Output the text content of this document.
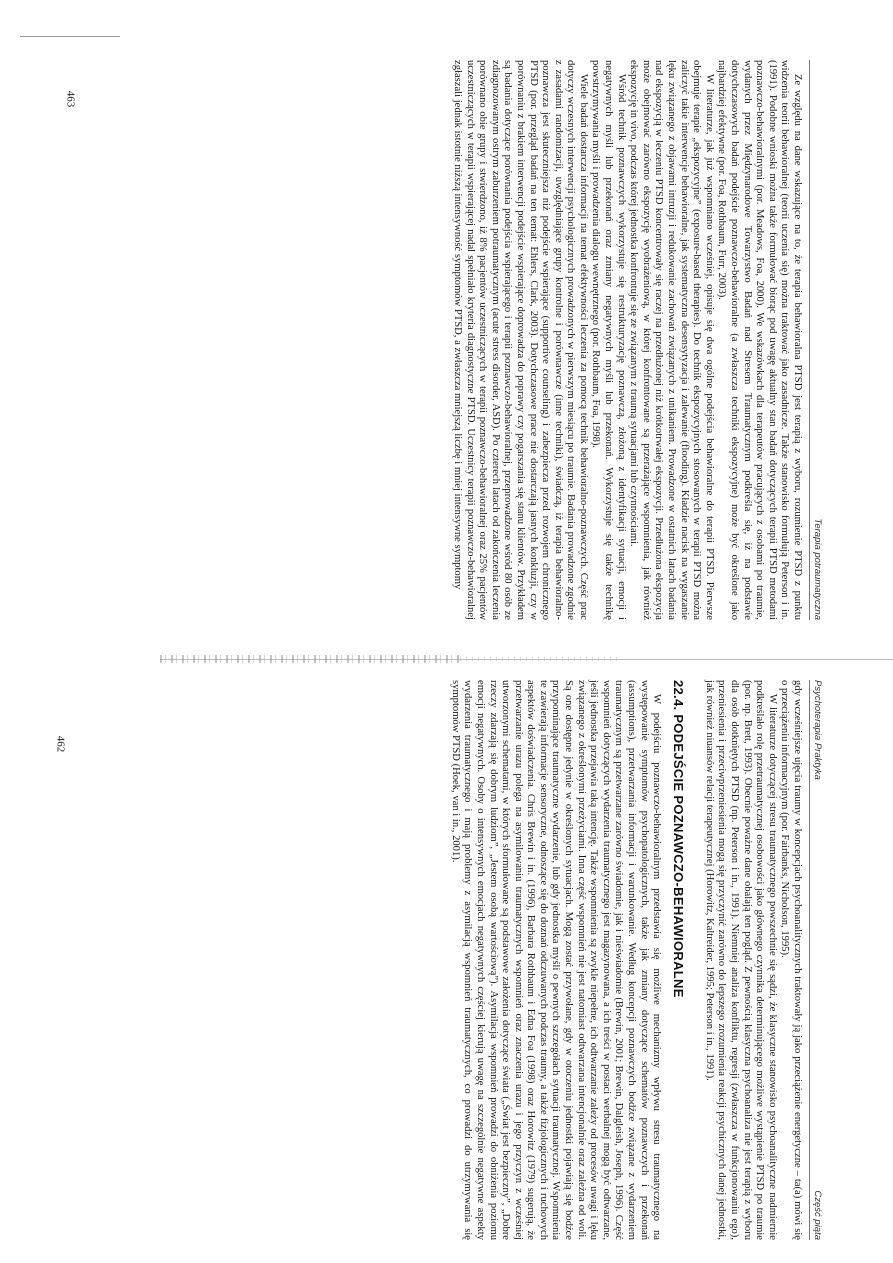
Terapia potraumatyczna

Ze względu na dane wskazujące na to, że terapia behawioralna PTSD jest terapią z wyboru, rozumienie PTSD z punktu widzenia teorii behawioralnej (teorii uczenia się) można traktować jako zasadnicze. Także stanowisko formułują Peterson i in. (1991). Podobne wnioski można także formułować biorąc pod uwagę aktualny stan badań dotyczących terapii PTSD metodami poznawczo-behawioralnymi (por. Meadows, Foa, 2000). We wskazówkach dla terapeutów pracujących z osobami po traumie, wydanych przez Międzynarodowe Towarzystwo Badań nad Stresem Traumatycznym podkreśla się, iż na podstawie dotychczasowych badań podejście poznawczo-behawioralne (a zwłaszcza techniki ekspozycyjne) może być określone jako najbardziej efektywne (por. Foa, Rothbaum, Furr, 2003).

W literaturze, jak już wspomniano wcześniej, opisuje się dwa ogólne podejścia behawioralne do terapii PTSD. Pierwsze obejmuje terapie „ekspozycyjne” (exposure-based therapies). Do technik ekspozycyjnych stosowanych w terapii PTSD można zaliczyć takie interwencje behawioralne, jak systematyczna desensytyzacja i zalewanie (flooding). Kładzie nacisk na wygaszanie lęku związanego z objawami intruzji i redukowanie zachowań związanych z unikaniem. Prowadzone w ostatnich latach badania nad ekspozycją w leczeniu PTSD koncentrowały się raczej na przedłużonej niż krótkotrwałej ekspozycji. Przedłużona ekspozycja może obejmować zarówno ekspozycję wyobrażeniową, w której konfrontowane są przerażające wspomnienia, jak również ekspozycję in vivo, podczas której jednostka konfrontuje się ze związanym z traumą sytuacjami lub czynnościami.

Wśród technik poznawczych wykorzystuje się restrukturyzację poznawczą, złożoną z identyfikacji sytuacji, emocji i negatywnych myśli lub przekonań oraz zmiany negatywnych myśli lub przekonań. Wykorzystuje się także technikę powstrzymywania myśli i prowadzenia dialogu wewnętrznego (por. Rothbaum, Foa, 1998).

Wiele badań dostarcza informacji na temat efektywności leczenia za pomocą technik behawioralno-poznawczych. Część prac dotyczy wczesnych interwencji psychologicznych prowadzonych w pierwszym miesiącu po traumie. Badania prowadzone zgodnie z zasadami randomizacji, uwzględniające grupy kontrolne i porównawcze (inne techniki), świadczą, iż terapia behawioralno-poznawcza jest skuteczniejsza niż podejście wspierające (supportive counseling) i zabezpiecza przed rozwojem chronicznego PTSD (por. przegląd badań na ten temat: Ehlers, Clark, 2003). Dotychczasowe prace nie dostarczają jasnych konkluzji, czy w porównaniu z brakiem interwencji podejście wspierające doprowadza do poprawy czy pogarszania się stanu klientów. Przykładem są badania dotyczące porównania podejścia wspierającego i terapii poznawczo-behawioralnej, przeprowadzone wśród 80 osób ze zdiagnozowanym ostrym zaburzeniem potraumatycznym (acute stress disorder, ASD). Po czterech latach od zakończenia leczenia porównano obie grupy i stwierdzono, iż 8% pacjentów uczestniczących w terapii poznawczo-behawioralnej oraz 25% pacjentów uczestniczących w terapii wspierającej nadal spełniało kryteria diagnostyczne PTSD. Uczestnicy terapii poznawczo-behawioralnej zgłaszali jednak istotnie niższą intensywność symptomów PTSD, a zwłaszcza mniejszą liczbę i mniej intensywne symptomy

Psychoterapia Praktyka
Część piąta

gdy wcześniejsze ujęcia traumy w koncepcjach psychoanalitycznych traktowały ją jako przeciążenie energetyczne – ta(a) mówi się o przeciążeniu informacyjnym (por. Fairbanks, Nicholson, 1995).

W literaturze dotyczącej stresu traumatycznego powszechnie się sądzi, że klasyczne stanowisko psychoanalityczne nadmiernie podkreślało rolę przetraumatycznej osobowości jako głównego czynnika determinującego możliwe wystąpienie PTSD po traumie (por. np. Brett, 1993). Obecnie poważne dane obalają ten pogląd. Z pewnością klasyczna psychoanaliza nie jest terapią z wyboru dla osób dotkniętych PTSD (np. Peterson i in., 1991). Niemniej analiza konfliktu, regresji (zwłaszcza w funkcjonowaniu ego), przeniesienia i przeciwprzeniesienia mogą się przyczynić zarówno do lepszego zrozumienia reakcji psychicznych danej jednostki, jak również niuansów relacji terapeutycznej (Horowitz, Kaltreider, 1995; Peterson i in., 1991).

22.4. PODEJŚCIE POZNAWCZO-BEHAWIORALNE

W podejściu poznawczo-behawioralnym przedstawia się możliwe mechanizmy wpływu stresu traumatycznego na występowanie symptomów psychopatologicznych, także jak zmiany dotyczące schematów poznawczych i przekonań (assumptions), przetwarzania informacji i warunkowanie. Według koncepcji poznawczych bodźce związane z wydarzeniem traumatycznym są przetwarzane zarówno świadomie, jak i nieświadomie (Brewin, 2001; Brewin, Dalgleish, Joseph, 1996). Część wspomnień dotyczących wydarzenia traumatycznego jest magazynowana, a ich treści w postaci werbalnej mogą być odtwarzane, jeśli jednostka przejawia taką intencję. Także wspomnienia są zwykle niepełne, ich odtwarzanie zależy od procesów uwagi i lęku związanego z określonymi przeżyciami. Inna część wspomnień nie jest natomiast odtwarzana intencjonalnie oraz zależna od woli. Są one dostępne jedynie w określonych sytuacjach. Mogą zostać przywołane, gdy w otoczeniu jednostki pojawiają się bodźce przypominające traumatyczne wydarzenie, lub gdy jednostka myśli o pewnych szczegółach sytuacji traumatycznej. Wspomnienia te zawierają informacje sensoryczne, odnoszące się do doznań odczuwanych podczas traumy, a także fizjologicznych i ruchowych aspektów doświadczenia. Chris Brewin i in. (1996), Barbara Rothbaum i Edna Foa (1998) oraz Horowitz (1979) sugerują, że przetwarzanie urazu polega na asymilowaniu traumatycznych wspomnień oraz znaczenia urazu i jego przyczyn z wcześniej utworzonymi schematami, w których sformułowane są podstawowe założenia dotyczące świata („Świat jest bezpieczny”, „Dobre rzeczy zdarzają się dobrym ludziom”, „Jestem osobą wartościową”). Asymilacja wspomnień prowadzi do obniżenia poziomu emocji negatywnych. Osoby o intensywnych emocjach negatywnych częściej kierują uwagę na szczególnie negatywne aspekty wydarzenia traumatycznego i mają problemy z asymilacją wspomnień traumatycznych, co prowadzi do utrzymywania się symptomów PTSD (Hoek, van i in., 2001).

463
462
